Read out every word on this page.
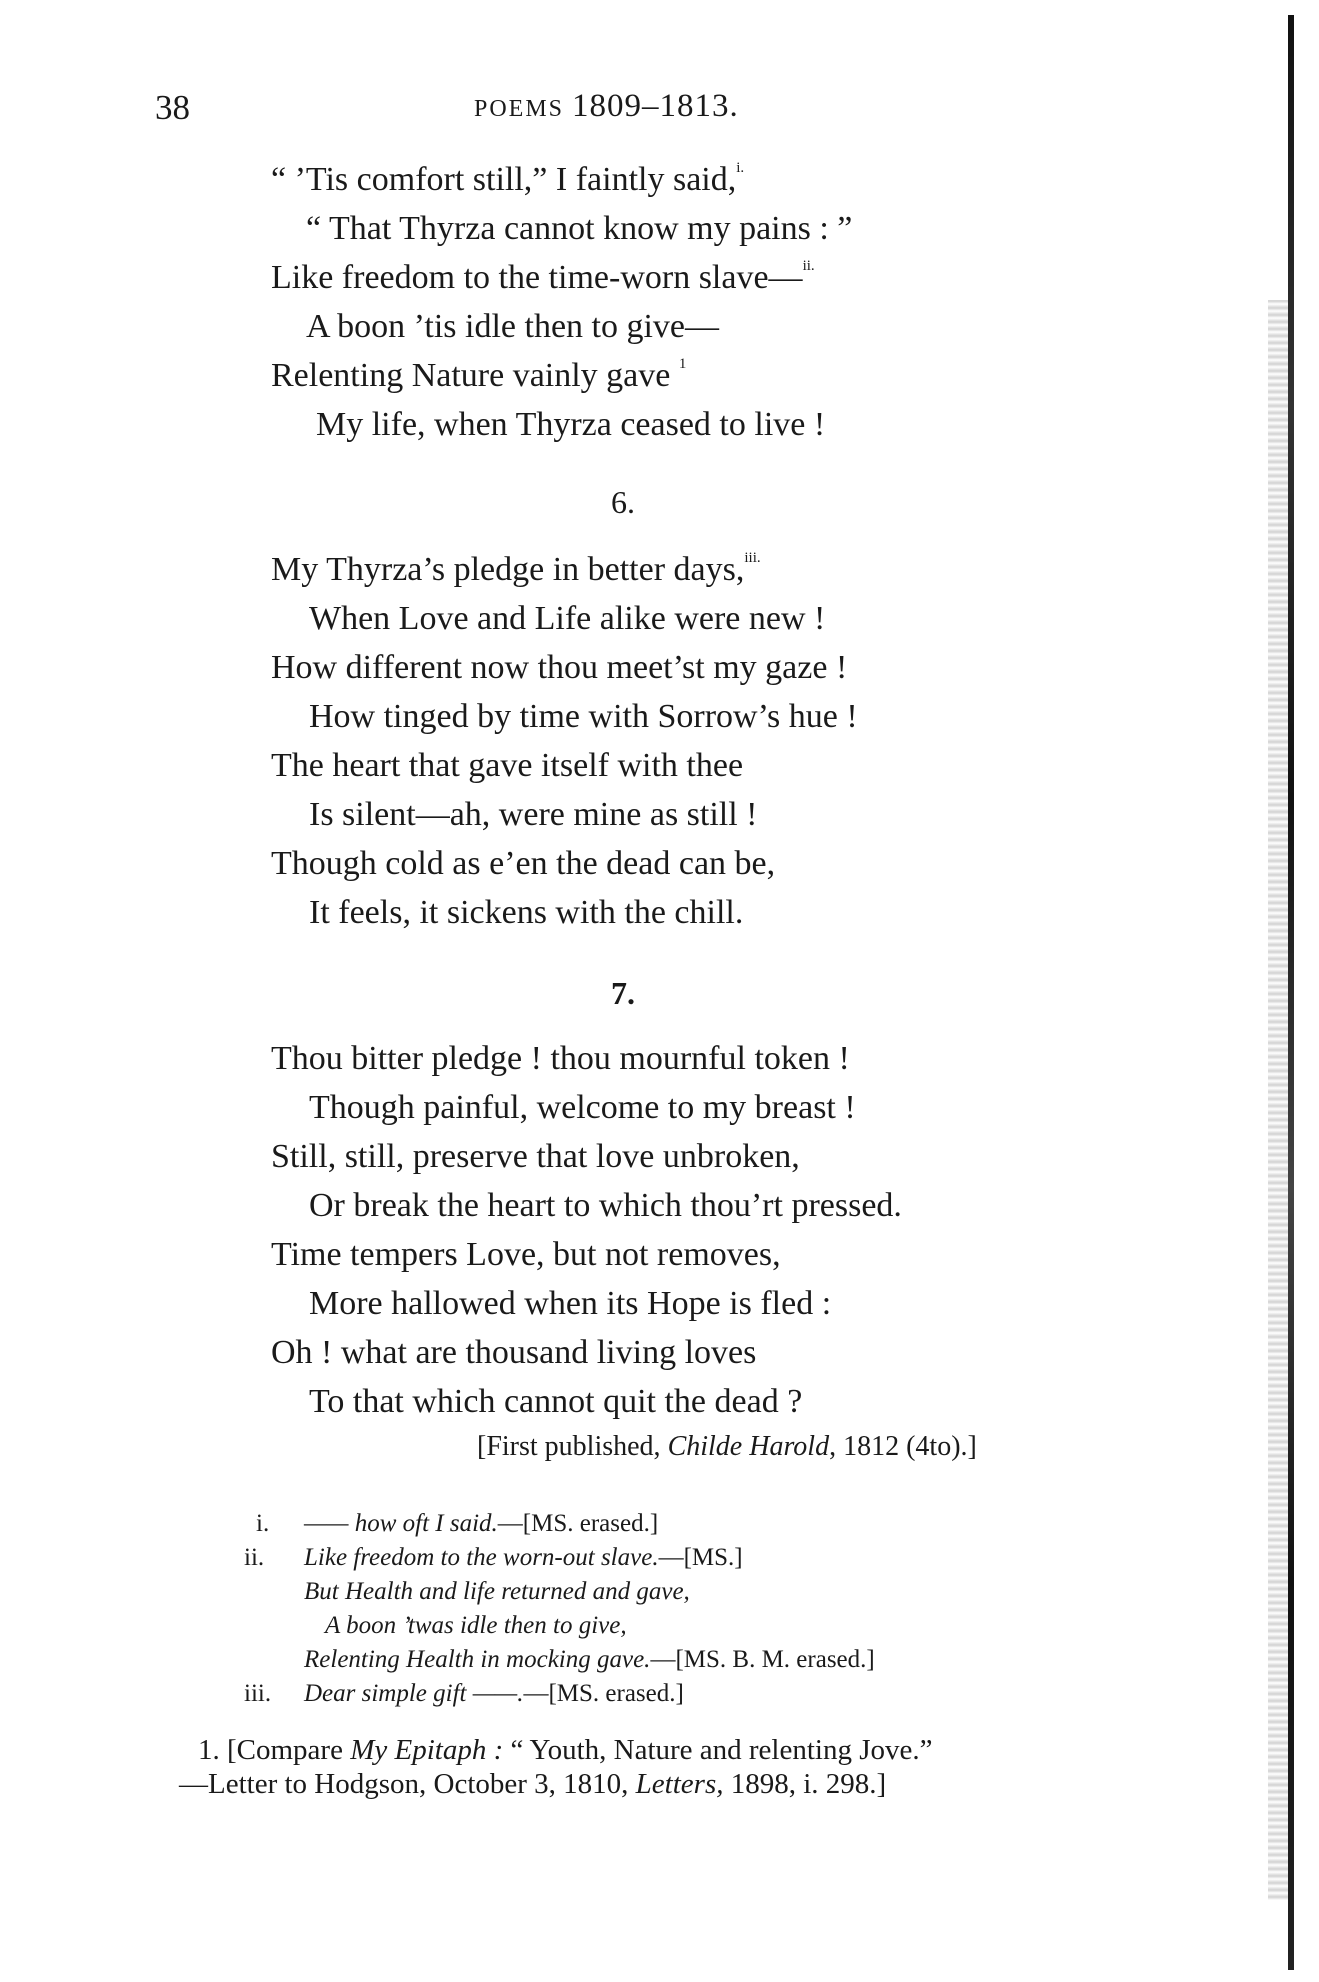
38	POEMS 1809–1813.
“ ’Tis comfort still,” I faintly said,$^{i.}$
“ That Thyrza cannot know my pains : ”
Like freedom to the time-worn slave—$^{ii.}$
A boon ’tis idle then to give—
Relenting Nature vainly gave $^1$
My life, when Thyrza ceased to live !
6.
My Thyrza’s pledge in better days,$^{iii.}$
When Love and Life alike were new !
How different now thou meet’st my gaze !
How tinged by time with Sorrow’s hue !
The heart that gave itself with thee
Is silent—ah, were mine as still !
Though cold as e’en the dead can be,
It feels, it sickens with the chill.
7.
Thou bitter pledge ! thou mournful token !
Though painful, welcome to my breast !
Still, still, preserve that love unbroken,
Or break the heart to which thou’rt pressed.
Time tempers Love, but not removes,
More hallowed when its Hope is fled :
Oh ! what are thousand living loves
To that which cannot quit the dead ?
[First published, Childe Harold, 1812 (4to).]
i. —— how oft I said.—[MS. erased.]
ii. Like freedom to the worn-out slave.—[MS.]
But Health and life returned and gave,
A boon ’twas idle then to give,
Relenting Health in mocking gave.—[MS. B. M. erased.]
iii. Dear simple gift ——.—[MS. erased.]
1. [Compare My Epitaph : “ Youth, Nature and relenting Jove.”
—Letter to Hodgson, October 3, 1810, Letters, 1898, i. 298.]
